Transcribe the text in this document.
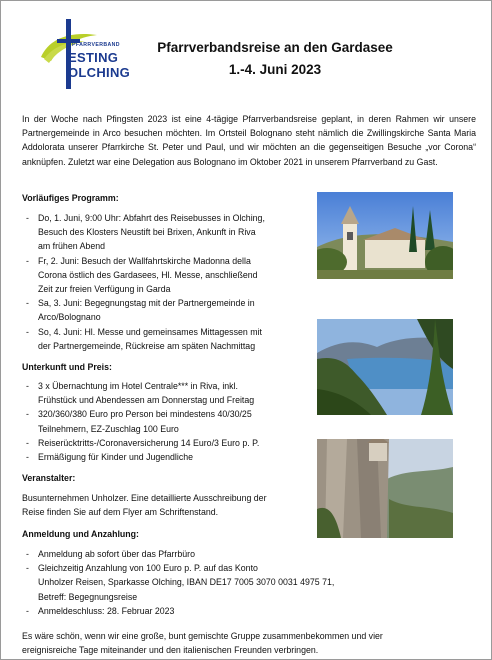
PFARRVERBAND
ESTING
OLCHING
Pfarrverbandsreise an den Gardasee
1.-4. Juni 2023
In der Woche nach Pfingsten 2023 ist eine 4-tägige Pfarrverbandsreise geplant, in deren Rahmen wir unsere Partnergemeinde in Arco besuchen möchten. Im Ortsteil Bolognano steht nämlich die Zwillingskirche Santa Maria Addolorata unserer Pfarrkirche St. Peter und Paul, und wir möchten an die gegenseitigen Besuche „vor Corona“ anknüpfen. Zuletzt war eine Delegation aus Bolognano im Oktober 2021 in unserem Pfarrverband zu Gast.
Vorläufiges Programm:
- Do, 1. Juni, 9:00 Uhr: Abfahrt des Reisebusses in Olching,
Besuch des Klosters Neustift bei Brixen, Ankunft in Riva
am frühen Abend
- Fr, 2. Juni: Besuch der Wallfahrtskirche Madonna della
Corona östlich des Gardasees, Hl. Messe, anschließend
Zeit zur freien Verfügung in Garda
- Sa, 3. Juni: Begegnungstag mit der Partnergemeinde in
Arco/Bolognano
- So, 4. Juni: Hl. Messe und gemeinsames Mittagessen mit
der Partnergemeinde, Rückreise am späten Nachmittag
Unterkunft und Preis:
- 3 x Übernachtung im Hotel Centrale*** in Riva, inkl.
Frühstück und Abendessen am Donnerstag und Freitag
- 320/360/380 Euro pro Person bei mindestens 40/30/25
Teilnehmern, EZ-Zuschlag 100 Euro
- Reiserücktritts-/Coronaversicherung 14 Euro/3 Euro p. P.
- Ermäßigung für Kinder und Jugendliche
Veranstalter:
Busunternehmen Unholzer. Eine detaillierte Ausschreibung der
Reise finden Sie auf dem Flyer am Schriftenstand.
Anmeldung und Anzahlung:
- Anmeldung ab sofort über das Pfarrbüro
- Gleichzeitig Anzahlung von 100 Euro p. P. auf das Konto
Unholzer Reisen, Sparkasse Olching, IBAN DE17 7005 3070 0031 4975 71,
Betreff: Begegnungsreise
- Anmeldeschluss: 28. Februar 2023
Es wäre schön, wenn wir eine große, bunt gemischte Gruppe zusammenbekommen und vier
ereignisreiche Tage miteinander und den italienischen Freunden verbringen.
